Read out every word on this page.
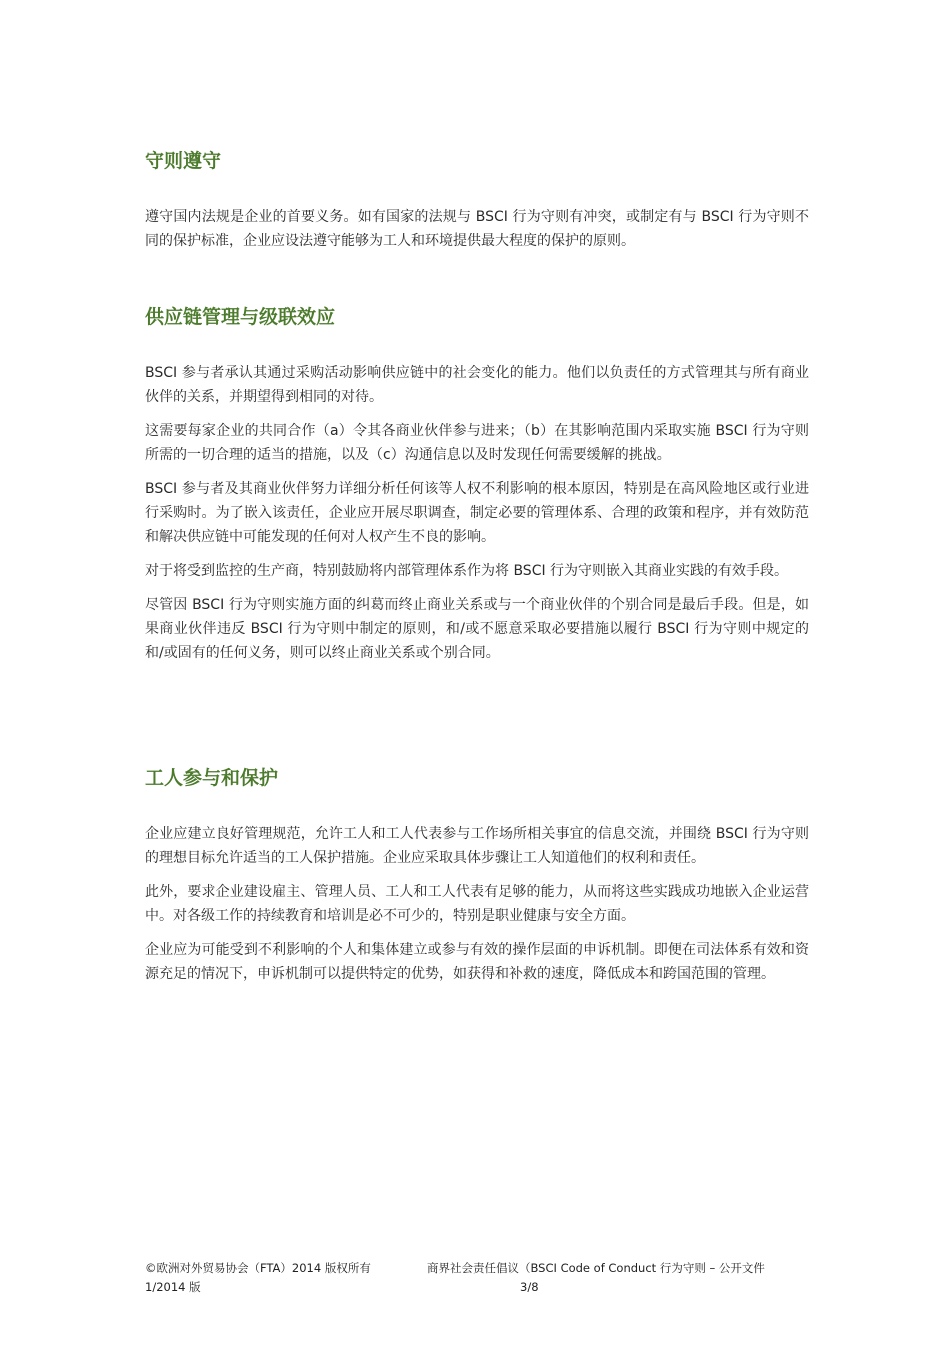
守则遵守

遵守国内法规是企业的首要义务。如有国家的法规与 BSCI 行为守则有冲突，或制定有与 BSCI 行为守则不同的保护标准，企业应设法遵守能够为工人和环境提供最大程度的保护的原则。

供应链管理与级联效应

BSCI 参与者承认其通过采购活动影响供应链中的社会变化的能力。他们以负责任的方式管理其与所有商业伙伴的关系，并期望得到相同的对待。

这需要每家企业的共同合作（a）令其各商业伙伴参与进来；（b）在其影响范围内采取实施 BSCI 行为守则所需的一切合理的适当的措施，以及（c）沟通信息以及时发现任何需要缓解的挑战。

BSCI 参与者及其商业伙伴努力详细分析任何该等人权不利影响的根本原因，特别是在高风险地区或行业进行采购时。为了嵌入该责任，企业应开展尽职调查，制定必要的管理体系、合理的政策和程序，并有效防范和解决供应链中可能发现的任何对人权产生不良的影响。

对于将受到监控的生产商，特别鼓励将内部管理体系作为将 BSCI 行为守则嵌入其商业实践的有效手段。

尽管因 BSCI 行为守则实施方面的纠葛而终止商业关系或与一个商业伙伴的个别合同是最后手段。但是，如果商业伙伴违反 BSCI 行为守则中制定的原则，和/或不愿意采取必要措施以履行 BSCI 行为守则中规定的和/或固有的任何义务，则可以终止商业关系或个别合同。

工人参与和保护

企业应建立良好管理规范，允许工人和工人代表参与工作场所相关事宜的信息交流，并围绕 BSCI 行为守则的理想目标允许适当的工人保护措施。企业应采取具体步骤让工人知道他们的权利和责任。

此外，要求企业建设雇主、管理人员、工人和工人代表有足够的能力，从而将这些实践成功地嵌入企业运营中。对各级工作的持续教育和培训是必不可少的，特别是职业健康与安全方面。

企业应为可能受到不利影响的个人和集体建立或参与有效的操作层面的申诉机制。即便在司法体系有效和资源充足的情况下，申诉机制可以提供特定的优势，如获得和补救的速度，降低成本和跨国范围的管理。

©欧洲对外贸易协会（FTA）2014 版权所有	商界社会责任倡议（BSCI Code of Conduct 行为守则 – 公开文件
1/2014 版	3/8
